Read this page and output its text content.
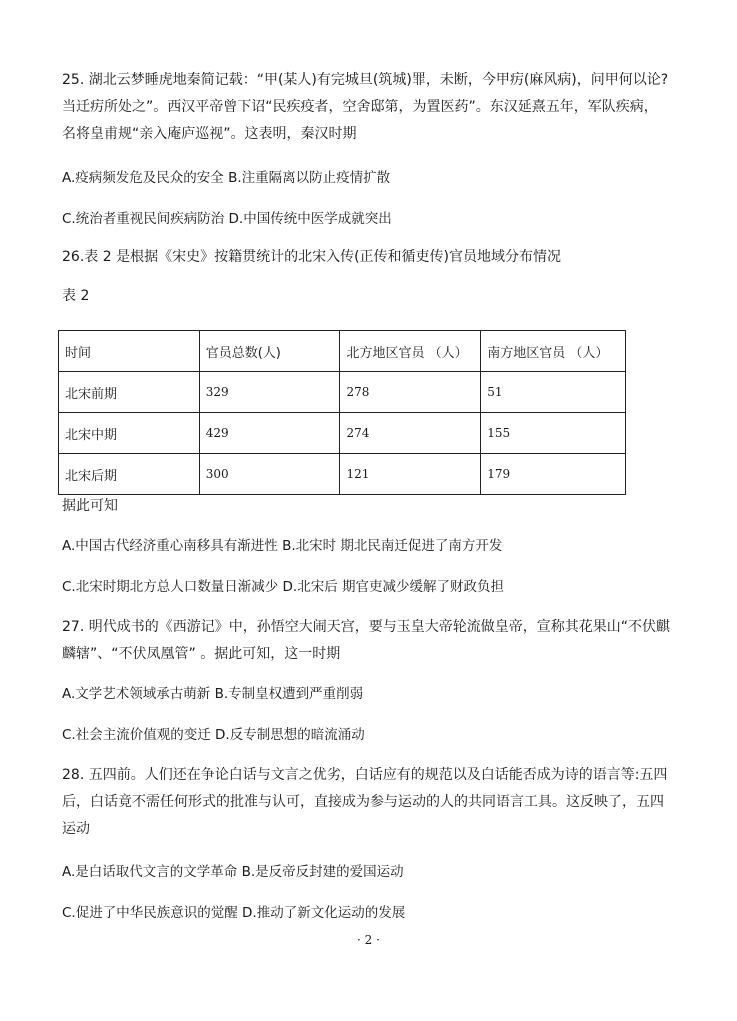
25. 湖北云梦睡虎地秦简记载：“甲(某人)有完城旦(筑城)罪，未断，今甲疠(麻风病)，问甲何以论?
当迁疠所处之”。西汉平帝曾下诏“民疾疫者，空舍邸第，为置医药”。东汉延熹五年，军队疾病，
名将皇甫规“亲入庵庐巡视”。这表明，秦汉时期
A.疫病频发危及民众的安全 B.注重隔离以防止疫情扩散
C.统治者重视民间疾病防治 D.中国传统中医学成就突出
26.表 2 是根据《宋史》按籍贯统计的北宋入传(正传和循吏传)官员地域分布情况
表 2
时间	官员总数(人)	北方地区官员 （人）	南方地区官员 （人）
北宋前期	329	278	51
北宋中期	429	274	155
北宋后期	300	121	179
据此可知
A.中国古代经济重心南移具有渐进性 B.北宋时 期北民南迁促进了南方开发
C.北宋时期北方总人口数量日渐减少 D.北宋后 期官吏减少缓解了财政负担
27. 明代成书的《西游记》中，孙悟空大闹天宫，要与玉皇大帝轮流做皇帝，宣称其花果山“不伏麒
麟辖”、“不伏凤凰管” 。据此可知，这一时期
A.文学艺术领域承古萌新 B.专制皇权遭到严重削弱
C.社会主流价值观的变迁 D.反专制思想的暗流涌动
28. 五四前。人们还在争论白话与文言之优劣，白话应有的规范以及白话能否成为诗的语言等:五四
后，白话竟不需任何形式的批准与认可，直接成为参与运动的人的共同语言工具。这反映了，五四
运动
A.是白话取代文言的文学革命 B.是反帝反封建的爱国运动
C.促进了中华民族意识的觉醒 D.推动了新文化运动的发展
· 2 ·
